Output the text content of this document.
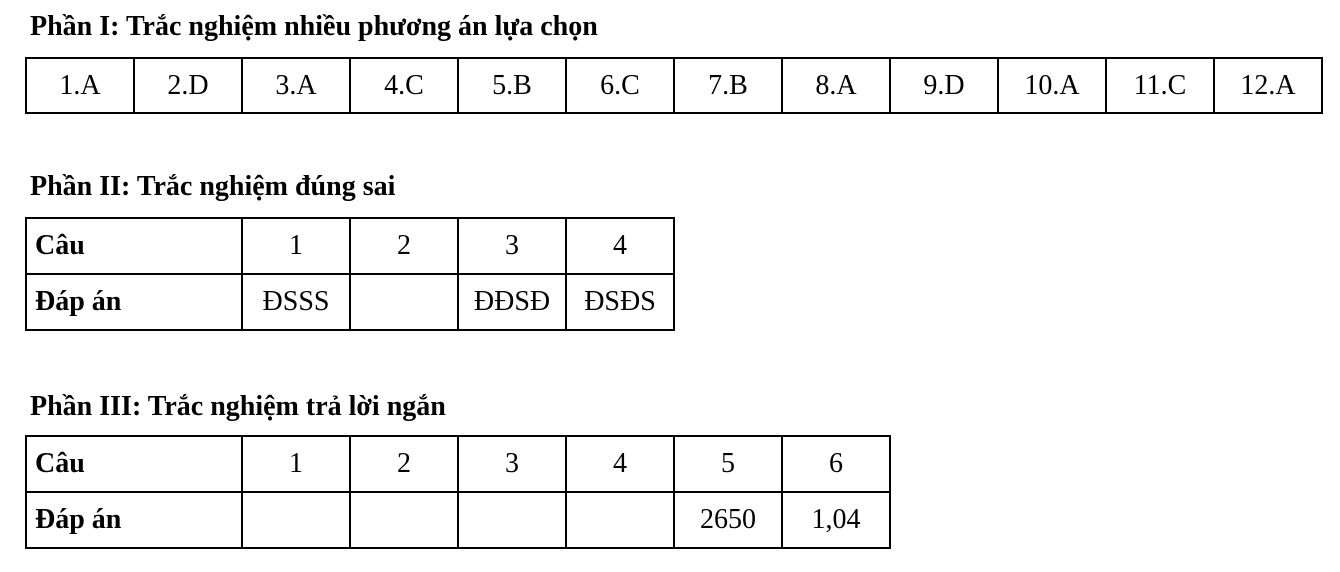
Phần I: Trắc nghiệm nhiều phương án lựa chọn
1.A	2.D	3.A	4.C	5.B	6.C	7.B	8.A	9.D	10.A	11.C	12.A
Phần II: Trắc nghiệm đúng sai
Câu	1	2	3	4
Đáp án	ĐSSS		ĐĐSĐ	ĐSĐS
Phần III: Trắc nghiệm trả lời ngắn
Câu	1	2	3	4	5	6
Đáp án					2650	1,04
